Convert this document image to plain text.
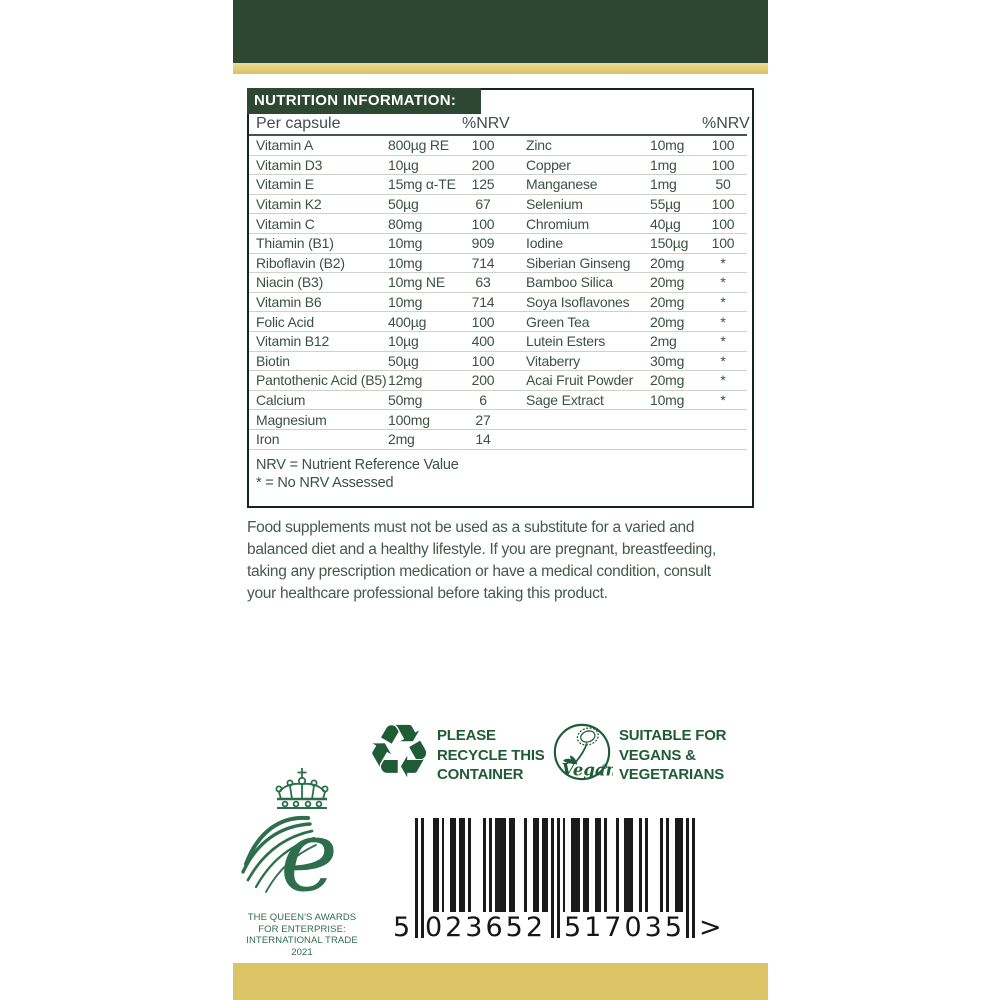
NUTRITION INFORMATION:
Per capsule	%NRV	%NRV
Vitamin A	800µg RE	100	Zinc	10mg	100
Vitamin D3	10µg	200	Copper	1mg	100
Vitamin E	15mg α-TE	125	Manganese	1mg	50
Vitamin K2	50µg	67	Selenium	55µg	100
Vitamin C	80mg	100	Chromium	40µg	100
Thiamin (B1)	10mg	909	Iodine	150µg	100
Riboflavin (B2)	10mg	714	Siberian Ginseng	20mg	*
Niacin (B3)	10mg NE	63	Bamboo Silica	20mg	*
Vitamin B6	10mg	714	Soya Isoflavones	20mg	*
Folic Acid	400µg	100	Green Tea	20mg	*
Vitamin B12	10µg	400	Lutein Esters	2mg	*
Biotin	50µg	100	Vitaberry	30mg	*
Pantothenic Acid (B5) 12mg	200	Acai Fruit Powder	20mg	*
Calcium	50mg	6	Sage Extract	10mg	*
Magnesium	100mg	27
Iron	2mg	14
NRV = Nutrient Reference Value
* = No NRV Assessed
Food supplements must not be used as a substitute for a varied and
balanced diet and a healthy lifestyle. If you are pregnant, breastfeeding,
taking any prescription medication or have a medical condition, consult
your healthcare professional before taking this product.
♻ PLEASE
RECYCLE THIS
CONTAINER	Vegan
SUITABLE FOR
VEGANS &
VEGETARIANS
e
THE QUEEN'S AWARDS
FOR ENTERPRISE:
INTERNATIONAL TRADE
2021
5 023652 517035 >
